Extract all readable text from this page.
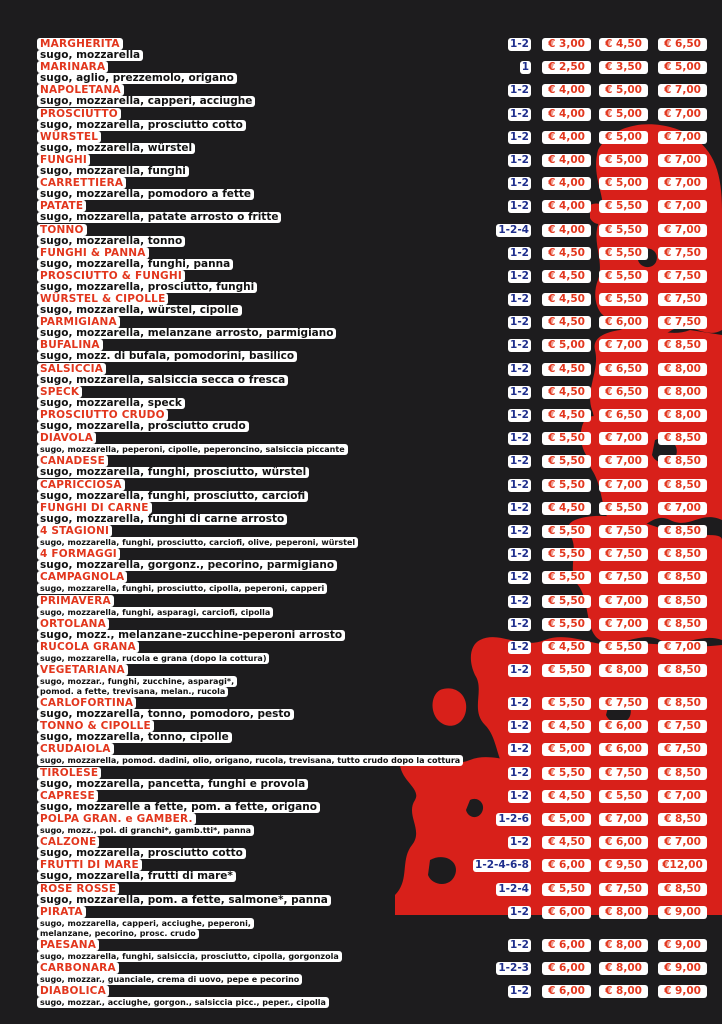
MARGHERITA
sugo, mozzarella
1-2	€ 3,00	€ 4,50	€ 6,50
MARINARA
sugo, aglio, prezzemolo, origano
1	€ 2,50	€ 3,50	€ 5,00
NAPOLETANA
sugo, mozzarella, capperi, acciughe
1-2	€ 4,00	€ 5,00	€ 7,00
PROSCIUTTO
sugo, mozzarella, prosciutto cotto
1-2	€ 4,00	€ 5,00	€ 7,00
WÜRSTEL
sugo, mozzarella, würstel
1-2	€ 4,00	€ 5,00	€ 7,00
FUNGHI
sugo, mozzarella, funghi
1-2	€ 4,00	€ 5,00	€ 7,00
CARRETTIERA
sugo, mozzarella, pomodoro a fette
1-2	€ 4,00	€ 5,00	€ 7,00
PATATE
sugo, mozzarella, patate arrosto o fritte
1-2	€ 4,00	€ 5,50	€ 7,00
TONNO
sugo, mozzarella, tonno
1-2-4	€ 4,00	€ 5,50	€ 7,00
FUNGHI & PANNA
sugo, mozzarella, funghi, panna
1-2	€ 4,50	€ 5,50	€ 7,50
PROSCIUTTO & FUNGHI
sugo, mozzarella, prosciutto, funghi
1-2	€ 4,50	€ 5,50	€ 7,50
WÜRSTEL & CIPOLLE
sugo, mozzarella, würstel, cipolle
1-2	€ 4,50	€ 5,50	€ 7,50
PARMIGIANA
sugo, mozzarella, melanzane arrosto, parmigiano
1-2	€ 4,50	€ 6,00	€ 7,50
BUFALINA
sugo, mozz. di bufala, pomodorini, basilico
1-2	€ 5,00	€ 7,00	€ 8,50
SALSICCIA
sugo, mozzarella, salsiccia secca o fresca
1-2	€ 4,50	€ 6,50	€ 8,00
SPECK
sugo, mozzarella, speck
1-2	€ 4,50	€ 6,50	€ 8,00
PROSCIUTTO CRUDO
sugo, mozzarella, prosciutto crudo
1-2	€ 4,50	€ 6,50	€ 8,00
DIAVOLA
sugo, mozzarella, peperoni, cipolle, peperoncino, salsiccia piccante
1-2	€ 5,50	€ 7,00	€ 8,50
CANADESE
sugo, mozzarella, funghi, prosciutto, würstel
1-2	€ 5,50	€ 7,00	€ 8,50
CAPRICCIOSA
sugo, mozzarella, funghi, prosciutto, carciofi
1-2	€ 5,50	€ 7,00	€ 8,50
FUNGHI DI CARNE
sugo, mozzarella, funghi di carne arrosto
1-2	€ 4,50	€ 5,50	€ 7,00
4 STAGIONI
sugo, mozzarella, funghi, prosciutto, carciofi, olive, peperoni, würstel
1-2	€ 5,50	€ 7,50	€ 8,50
4 FORMAGGI
sugo, mozzarella, gorgonz., pecorino, parmigiano
1-2	€ 5,50	€ 7,50	€ 8,50
CAMPAGNOLA
sugo, mozzarella, funghi, prosciutto, cipolla, peperoni, capperi
1-2	€ 5,50	€ 7,50	€ 8,50
PRIMAVERA
sugo, mozzarella, funghi, asparagi, carciofi, cipolla
1-2	€ 5,50	€ 7,00	€ 8,50
ORTOLANA
sugo, mozz., melanzane-zucchine-peperoni arrosto
1-2	€ 5,50	€ 7,00	€ 8,50
RUCOLA GRANA
sugo, mozzarella, rucola e grana (dopo la cottura)
1-2	€ 4,50	€ 5,50	€ 7,00
VEGETARIANA
sugo, mozzar., funghi, zucchine, asparagi*,
pomod. a fette, trevisana, melan., rucola
1-2	€ 5,50	€ 8,00	€ 8,50
CARLOFORTINA
sugo, mozzarella, tonno, pomodoro, pesto
1-2	€ 5,50	€ 7,50	€ 8,50
TONNO & CIPOLLE
sugo, mozzarella, tonno, cipolle
1-2	€ 4,50	€ 6,00	€ 7,50
CRUDAIOLA
sugo, mozzarella, pomod. dadini, olio, origano, rucola, trevisana, tutto crudo dopo la cottura
1-2	€ 5,00	€ 6,00	€ 7,50
TIROLESE
sugo, mozzarella, pancetta, funghi e provola
1-2	€ 5,50	€ 7,50	€ 8,50
CAPRESE
sugo, mozzarelle a fette, pom. a fette, origano
1-2	€ 4,50	€ 5,50	€ 7,00
POLPA GRAN. e GAMBER.
sugo, mozz., pol. di granchi*, gamb.tti*, panna
1-2-6	€ 5,00	€ 7,00	€ 8,50
CALZONE
sugo, mozzarella, prosciutto cotto
1-2	€ 4,50	€ 6,00	€ 7,00
FRUTTI DI MARE
sugo, mozzarella, frutti di mare*
1-2-4-6-8	€ 6,00	€ 9,50	€12,00
ROSE ROSSE
sugo, mozzarella, pom. a fette, salmone*, panna
1-2-4	€ 5,50	€ 7,50	€ 8,50
PIRATA
sugo, mozzarella, capperi, acciughe, peperoni,
melanzane, pecorino, prosc. crudo
1-2	€ 6,00	€ 8,00	€ 9,00
PAESANA
sugo, mozzarella, funghi, salsiccia, prosciutto, cipolla, gorgonzola
1-2	€ 6,00	€ 8,00	€ 9,00
CARBONARA
sugo, mozzar., guanciale, crema di uovo, pepe e pecorino
1-2-3	€ 6,00	€ 8,00	€ 9,00
DIABOLICA
sugo, mozzar., acciughe, gorgon., salsiccia picc., peper., cipolla
1-2	€ 6,00	€ 8,00	€ 9,00
